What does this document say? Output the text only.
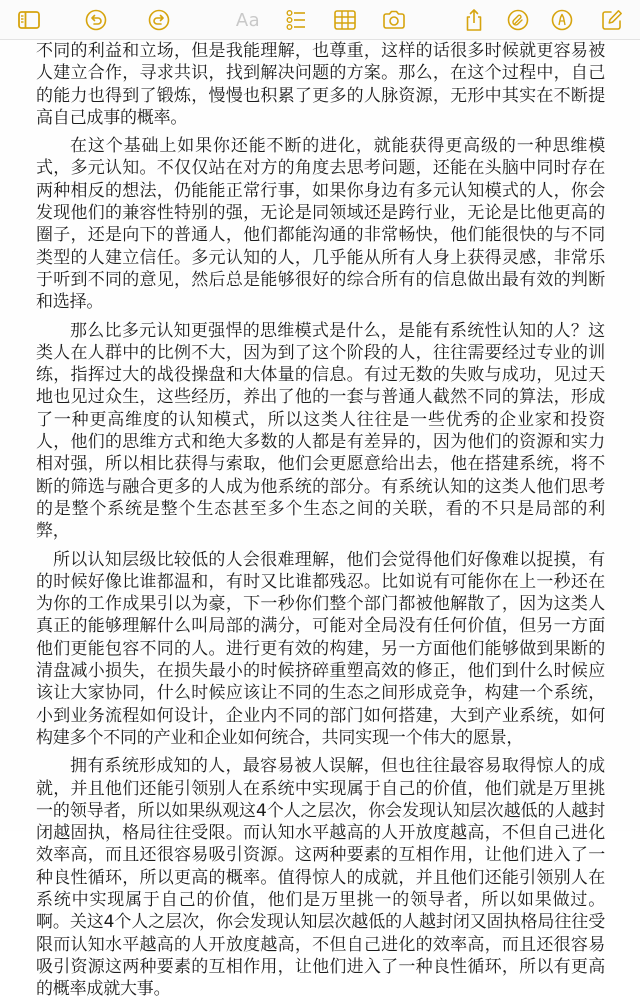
Aa

不同的利益和立场，但是我能理解，也尊重，这样的话很多时候就更容易被人建立合作，寻求共识，找到解决问题的方案。那么，在这个过程中，自己的能力也得到了锻炼，慢慢也积累了更多的人脉资源，无形中其实在不断提高自己成事的概率。

在这个基础上如果你还能不断的进化，就能获得更高级的一种思维模式，多元认知。不仅仅站在对方的角度去思考问题，还能在头脑中同时存在两种相反的想法，仍能能正常行事，如果你身边有多元认知模式的人，你会发现他们的兼容性特别的强，无论是同领域还是跨行业，无论是比他更高的圈子，还是向下的普通人，他们都能沟通的非常畅快，他们能很快的与不同类型的人建立信任。多元认知的人，几乎能从所有人身上获得灵感，非常乐于听到不同的意见，然后总是能够很好的综合所有的信息做出最有效的判断和选择。

那么比多元认知更强悍的思维模式是什么，是能有系统性认知的人？这类人在人群中的比例不大，因为到了这个阶段的人，往往需要经过专业的训练，指挥过大的战役操盘和大体量的信息。有过无数的失败与成功，见过天地也见过众生，这些经历，养出了他的一套与普通人截然不同的算法，形成了一种更高维度的认知模式，所以这类人往往是一些优秀的企业家和投资人，他们的思维方式和绝大多数的人都是有差异的，因为他们的资源和实力相对强，所以相比获得与索取，他们会更愿意给出去，他在搭建系统，将不断的筛选与融合更多的人成为他系统的部分。有系统认知的这类人他们思考的是整个系统是整个生态甚至多个生态之间的关联，看的不只是局部的利弊，

所以认知层级比较低的人会很难理解，他们会觉得他们好像难以捉摸，有的时候好像比谁都温和，有时又比谁都残忍。比如说有可能你在上一秒还在为你的工作成果引以为豪，下一秒你们整个部门都被他解散了，因为这类人真正的能够理解什么叫局部的满分，可能对全局没有任何价值，但另一方面他们更能包容不同的人。进行更有效的构建，另一方面他们能够做到果断的清盘减小损失，在损失最小的时候挤碎重塑高效的修正，他们到什么时候应该让大家协同，什么时候应该让不同的生态之间形成竞争，构建一个系统，小到业务流程如何设计，企业内不同的部门如何搭建，大到产业系统，如何构建多个不同的产业和企业如何统合，共同实现一个伟大的愿景，

拥有系统形成知的人，最容易被人误解，但也往往最容易取得惊人的成就，并且他们还能引领别人在系统中实现属于自己的价值，他们就是万里挑一的领导者，所以如果纵观这4个人之层次，你会发现认知层次越低的人越封闭越固执，格局往往受限。而认知水平越高的人开放度越高，不但自己进化效率高，而且还很容易吸引资源。这两种要素的互相作用，让他们进入了一种良性循环，所以更高的概率。值得惊人的成就，并且他们还能引领别人在系统中实现属于自己的价值，他们是万里挑一的领导者，所以如果做过。啊。关这4个人之层次，你会发现认知层次越低的人越封闭又固执格局往往受限而认知水平越高的人开放度越高，不但自己进化的效率高，而且还很容易吸引资源这两种要素的互相作用，让他们进入了一种良性循环，所以有更高的概率成就大事。
